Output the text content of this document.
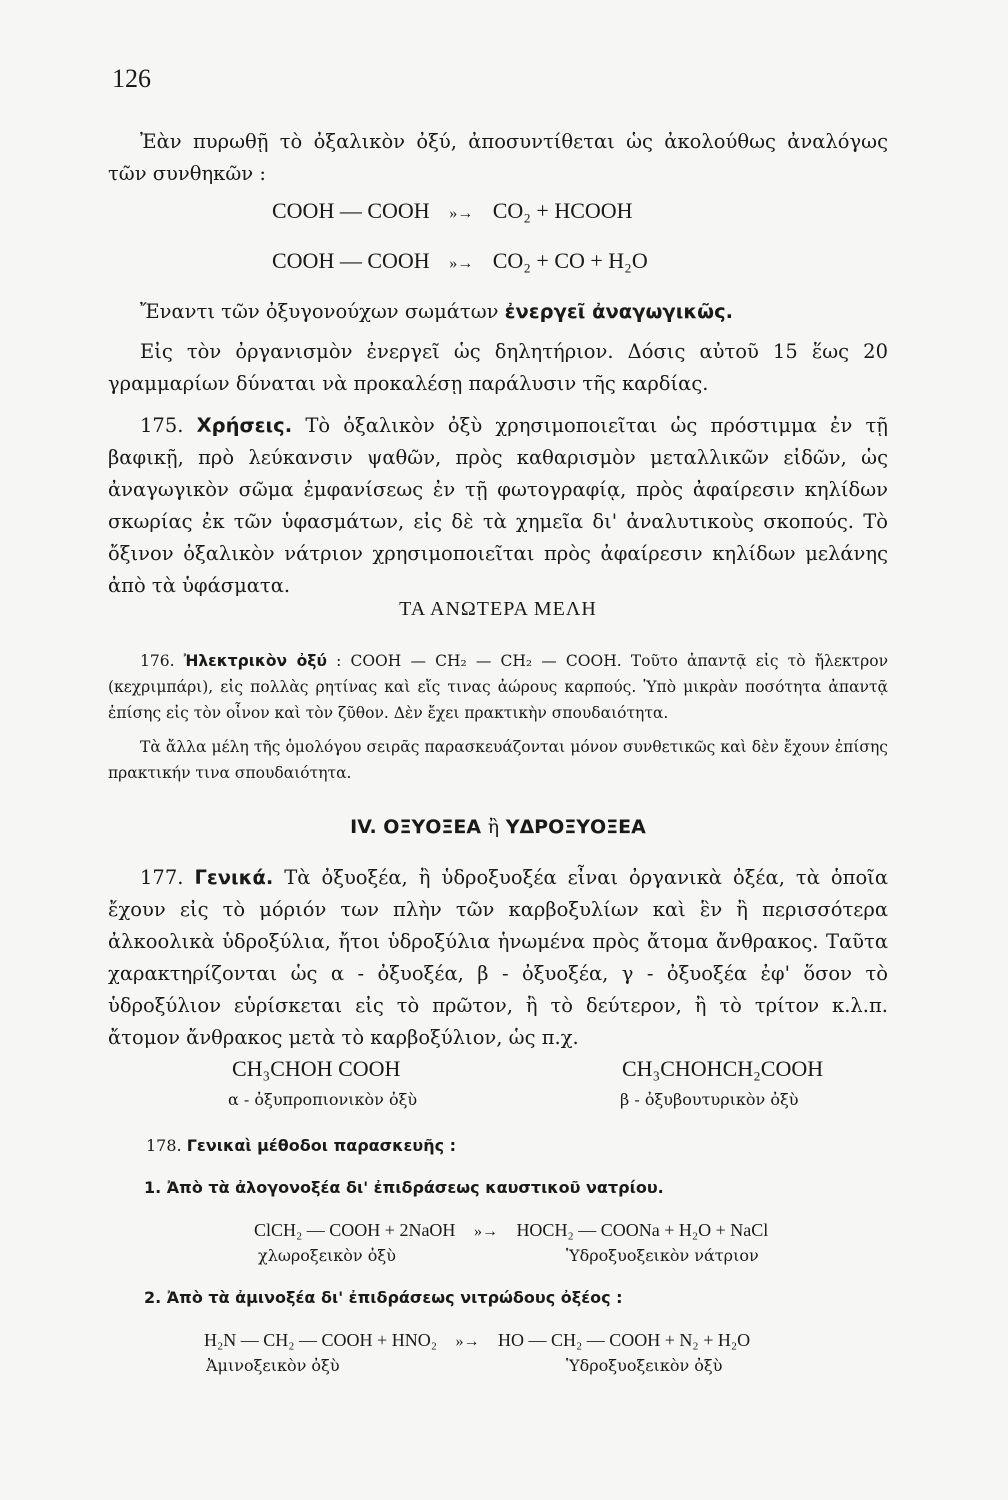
126
Ἐὰν πυρωθῇ τὸ ὀξαλικὸν ὀξύ, ἀποσυντίθεται ὡς ἀκολούθως ἀναλόγως τῶν συνθηκῶν :
COOH — COOH »→ CO₂ + HCOOH
COOH — COOH »→ CO₂ + CO + H₂O
Ἔναντι τῶν ὀξυγονούχων σωμάτων ἐνεργεῖ ἀναγωγικῶς.
Εἰς τὸν ὀργανισμὸν ἐνεργεῖ ὡς δηλητήριον. Δόσις αὐτοῦ 15 ἕως 20 γραμμαρίων δύναται νὰ προκαλέσῃ παράλυσιν τῆς καρδίας.
175. Χρήσεις. Τὸ ὀξαλικὸν ὀξὺ χρησιμοποιεῖται ὡς πρόστιμμα ἐν τῇ βαφικῇ, πρὸ λεύκανσιν ψαθῶν, πρὸς καθαρισμὸν μεταλλικῶν εἰδῶν, ὡς ἀναγωγικὸν σῶμα ἐμφανίσεως ἐν τῇ φωτογραφίᾳ, πρὸς ἀφαίρεσιν κηλίδων σκωρίας ἐκ τῶν ὑφασμάτων, εἰς δὲ τὰ χημεῖα δι' ἀναλυτικοὺς σκοπούς. Τὸ ὄξινον ὀξαλικὸν νάτριον χρησιμοποιεῖται πρὸς ἀφαίρεσιν κηλίδων μελάνης ἀπὸ τὰ ὑφάσματα.
ΤΑ ΑΝΩΤΕΡΑ ΜΕΛΗ
176. Ἠλεκτρικὸν ὀξύ : COOH — CH₂ — CH₂ — COOH. Τοῦτο ἀπαντᾷ εἰς τὸ ἤλεκτρον (κεχριμπάρι), εἰς πολλὰς ρητίνας καὶ εἴς τινας ἀώρους καρπούς. Ὑπὸ μικρὰν ποσότητα ἀπαντᾷ ἐπίσης εἰς τὸν οἶνον καὶ τὸν ζῦθον. Δὲν ἔχει πρακτικὴν σπουδαιότητα.
Τὰ ἄλλα μέλη τῆς ὁμολόγου σειρᾶς παρασκευάζονται μόνον συνθετικῶς καὶ δὲν ἔχουν ἐπίσης πρακτικήν τινα σπουδαιότητα.
IV. ΟΞΥΟΞΕΑ ἢ ΥΔΡΟΞΥΟΞΕΑ
177. Γενικά. Τὰ ὀξυοξέα, ἢ ὑδροξυοξέα εἶναι ὀργανικὰ ὀξέα, τὰ ὁποῖα ἔχουν εἰς τὸ μόριόν των πλὴν τῶν καρβοξυλίων καὶ ἓν ἢ περισσότερα ἀλκοολικὰ ὑδροξύλια, ἤτοι ὑδροξύλια ἡνωμένα πρὸς ἄτομα ἄνθρακος. Ταῦτα χαρακτηρίζονται ὡς α - ὀξυοξέα, β - ὀξυοξέα, γ - ὀξυοξέα ἐφ' ὅσον τὸ ὑδροξύλιον εὑρίσκεται εἰς τὸ πρῶτον, ἢ τὸ δεύτερον, ἢ τὸ τρίτον κ.λ.π. ἄτομον ἄνθρακος μετὰ τὸ καρβοξύλιον, ὡς π.χ.
CH₃CHOH COOH
α - ὀξυπροπιονικὸν ὀξὺ
CH₃CHOHCH₂COOH
β - ὀξυβουτυρικὸν ὀξὺ
178. Γενικαὶ μέθοδοι παρασκευῆς :
1. Ἀπὸ τὰ ἀλογονοξέα δι' ἐπιδράσεως καυστικοῦ νατρίου.
ClCH₂ — COOH + 2NaOH »→ HOCH₂ — COONa + H₂O + NaCl
χλωροξεικὸν ὀξὺ	Ὑδροξυοξεικὸν νάτριον
2. Ἀπὸ τὰ ἀμινοξέα δι' ἐπιδράσεως νιτρώδους ὀξέος :
H₂N — CH₂ — COOH + HNO₂ »→ HO — CH₂ — COOH + N₂ + H₂O
Ἀμινοξεικὸν ὀξὺ	Ὑδροξυοξεικὸν ὀξὺ
